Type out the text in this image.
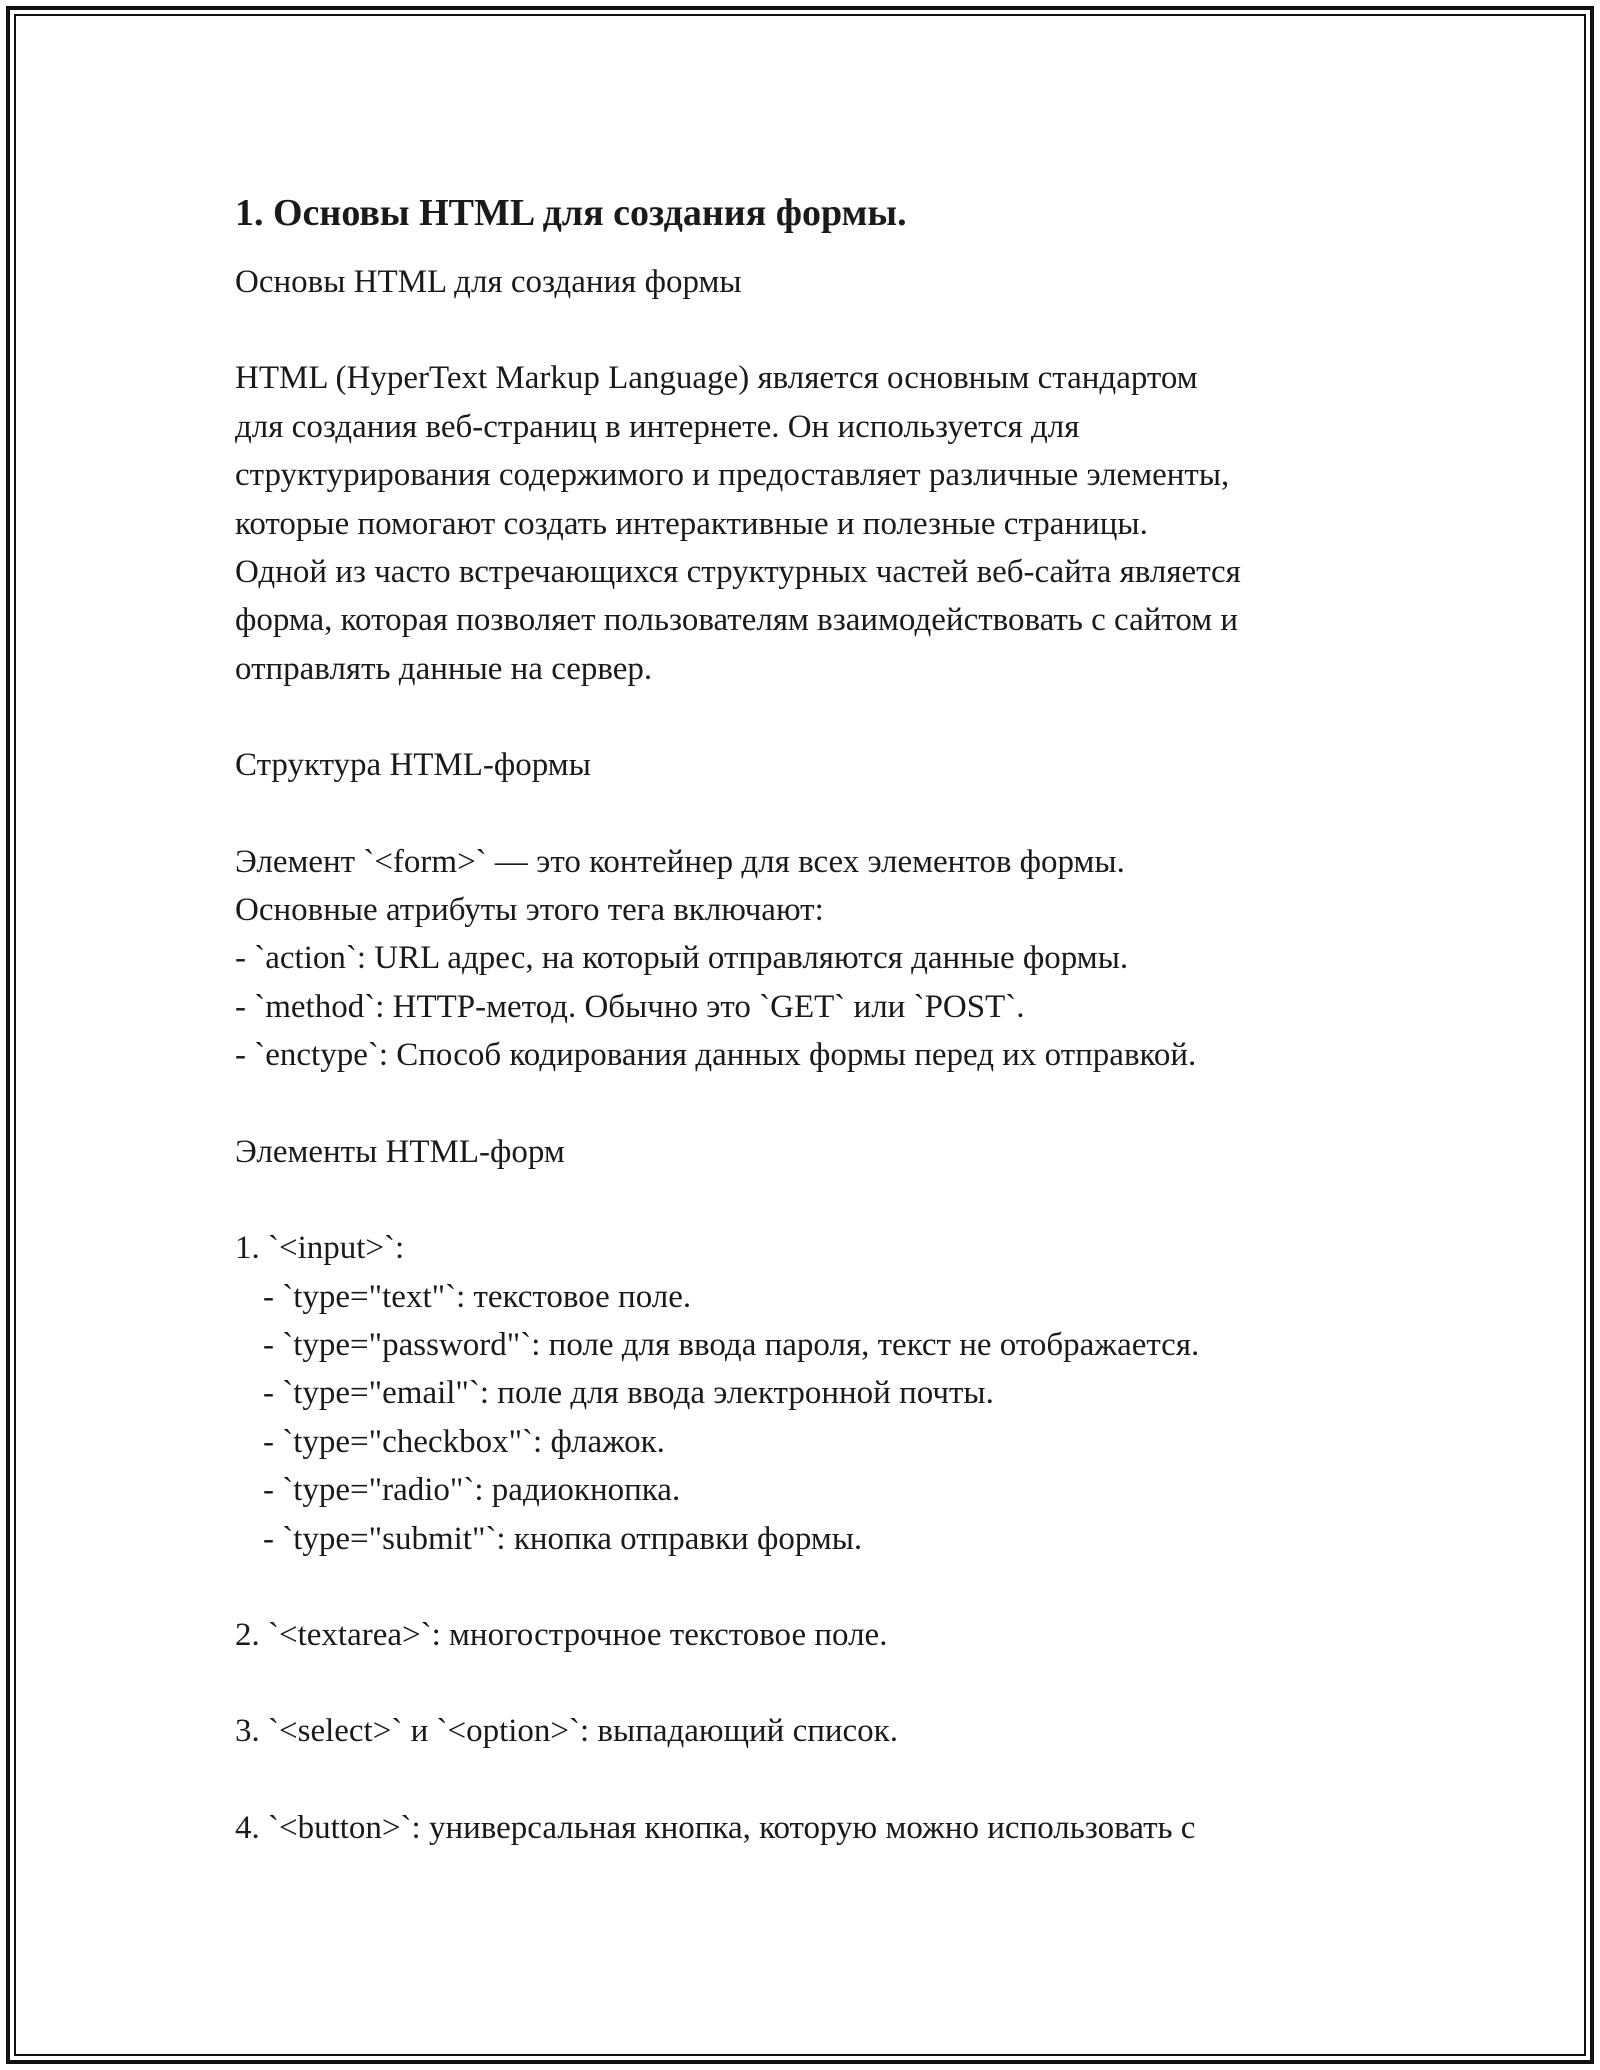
1. Основы HTML для создания формы.
Основы HTML для создания формы
HTML (HyperText Markup Language) является основным стандартом
для создания веб-страниц в интернете. Он используется для
структурирования содержимого и предоставляет различные элементы,
которые помогают создать интерактивные и полезные страницы.
Одной из часто встречающихся структурных частей веб-сайта является
форма, которая позволяет пользователям взаимодействовать с сайтом и
отправлять данные на сервер.
Структура HTML-формы
Элемент `<form>` — это контейнер для всех элементов формы.
Основные атрибуты этого тега включают:
- `action`: URL адрес, на который отправляются данные формы.
- `method`: HTTP-метод. Обычно это `GET` или `POST`.
- `enctype`: Способ кодирования данных формы перед их отправкой.
Элементы HTML-форм
1. `<input>`:
- `type="text"`: текстовое поле.
- `type="password"`: поле для ввода пароля, текст не отображается.
- `type="email"`: поле для ввода электронной почты.
- `type="checkbox"`: флажок.
- `type="radio"`: радиокнопка.
- `type="submit"`: кнопка отправки формы.
2. `<textarea>`: многострочное текстовое поле.
3. `<select>` и `<option>`: выпадающий список.
4. `<button>`: универсальная кнопка, которую можно использовать с
